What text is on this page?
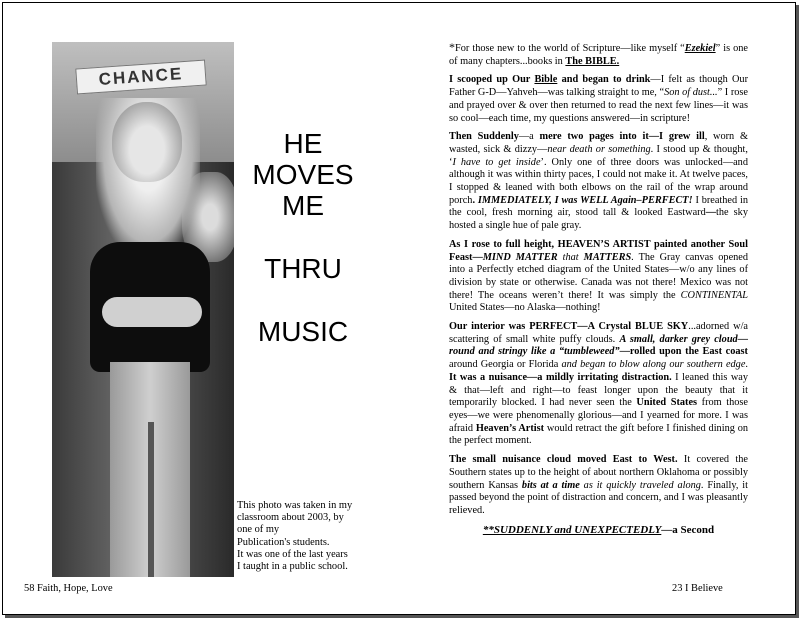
CHANCE
HE
MOVES
ME
THRU
MUSIC
This photo was taken in my
classroom about 2003, by
one of my
Publication's students.
It was one of the last years
I taught in a public school.
58 Faith, Hope, Love	23 I Believe

*For those new to the world of Scripture—like myself “Ezekiel” is one of many chapters...books in The BIBLE.

I scooped up Our Bible and began to drink—I felt as though Our Father G-D—Yahveh—was talking straight to me, “Son of dust...” I rose and prayed over & over then returned to read the next few lines—it was so cool—each time, my questions answered—in scripture!

Then Suddenly—a mere two pages into it—I grew ill, worn & wasted, sick & dizzy—near death or something. I stood up & thought, ‘I have to get inside’. Only one of three doors was unlocked—and although it was within thirty paces, I could not make it. At twelve paces, I stopped & leaned with both elbows on the rail of the wrap around porch. IMMEDIATELY, I was WELL Again–PERFECT! I breathed in the cool, fresh morning air, stood tall & looked Eastward—the sky hosted a single hue of pale gray.

As I rose to full height, HEAVEN’S ARTIST painted another Soul Feast—MIND MATTER that MATTERS. The Gray canvas opened into a Perfectly etched diagram of the United States—w/o any lines of division by state or otherwise. Canada was not there! Mexico was not there! The oceans weren’t there! It was simply the CONTINENTAL United States—no Alaska—nothing!

Our interior was PERFECT—A Crystal BLUE SKY...adorned w/a scattering of small white puffy clouds. A small, darker grey cloud—round and stringy like a “tumbleweed”—rolled upon the East coast around Georgia or Florida and began to blow along our southern edge. It was a nuisance—a mildly irritating distraction. I leaned this way & that—left and right—to feast longer upon the beauty that it temporarily blocked. I had never seen the United States from those eyes—we were phenomenally glorious—and I yearned for more. I was afraid Heaven’s Artist would retract the gift before I finished dining on the perfect moment.

The small nuisance cloud moved East to West. It covered the Southern states up to the height of about northern Oklahoma or possibly southern Kansas bits at a time as it quickly traveled along. Finally, it passed beyond the point of distraction and concern, and I was pleasantly relieved.

**SUDDENLY and UNEXPECTEDLY—a Second
